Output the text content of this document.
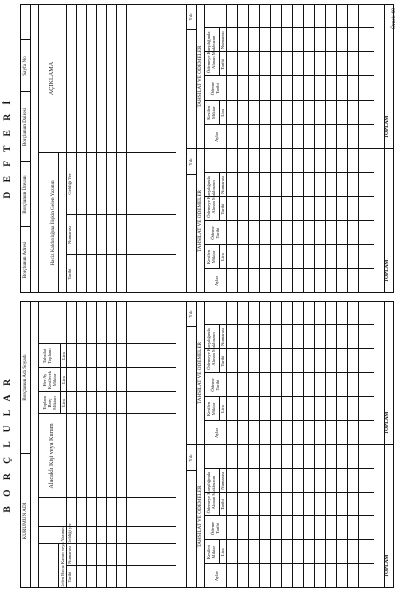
B O R Ç L U L A R
D E F T E R İ
Örnek-60
KURUMUN ADI
Borçlunun Adı Soyadı
Gelen Hacız Kararı veya Yazının Tarihi
Numarası
Geldiği yer
Alacaklı Kişi veya Kurum
Toplam Borç Miktarı
Her Ay Kesilecek Miktar
Tahsilat Toplamı
Lira
Lira
Lira
Yılı
TAHSİLAT VE ÖDEMELER
Aylar
Kesilen Miktar Lira
Ödeme Tarihi
Ödemeye Karşılığında Alınan Makbuzun Tarihi
Numarası
Yılı
TAHSİLAT VE ÖDEMELER
Aylar
Kesilen Miktar Lira
Ödeme Tarihi
Ödemeye Karşılığında Alınan Makbuzun Tarihi
Numarası
TOPLAM
TOPLAM
Borçlunun Adresi
Borçlunun Ünvanı
Borçlunun Dairesi
Sayfa No
Haciz Kaldırılığına İlişkin Gelen Yazının
Tarihi
Numarası
Geldiği Yer
AÇIKLAMA
Yılı
TAHSİLAT VE ÖDEMELER
Aylar
Kesilen Miktar Lira
Ödeme Tarihi
Ödemeye Karşılığında Alınan Makbuzun Tarihi
Numarası
Yılı
TAHSİLAT VE ÖDEMELER
Aylar
Kesilen Miktar Lira
Ödeme Tarihi
Ödemeye Karşılığında Alınan Makbuzun Tarihi
Numarası
TOPLAM
TOPLAM
